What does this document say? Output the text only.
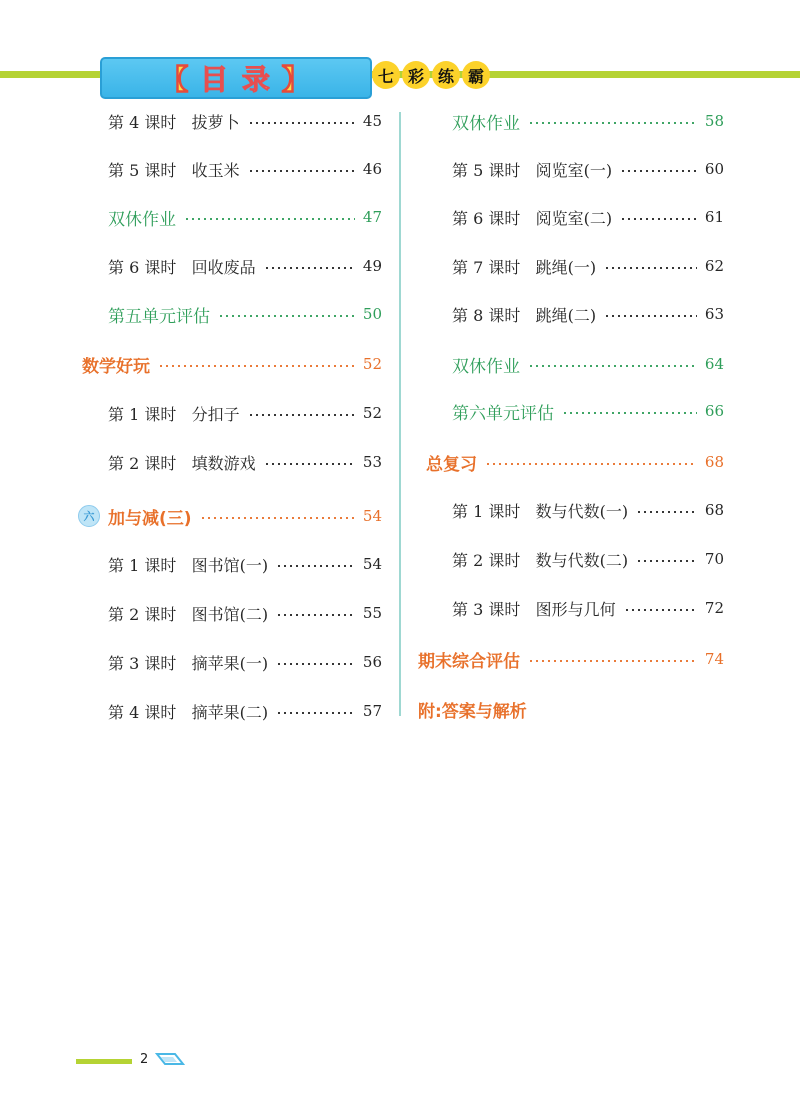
【 目 录 】	七 彩 练 霸
第 4 课时   拔萝卜	45
第 5 课时   收玉米	46
双休作业	47
第 6 课时   回收废品	49
第五单元评估	50
数学好玩	52
第 1 课时   分扣子	52
第 2 课时   填数游戏	53
六 加与减(三)	54
第 1 课时   图书馆(一)	54
第 2 课时   图书馆(二)	55
第 3 课时   摘苹果(一)	56
第 4 课时   摘苹果(二)	57
双休作业	58
第 5 课时   阅览室(一)	60
第 6 课时   阅览室(二)	61
第 7 课时   跳绳(一)	62
第 8 课时   跳绳(二)	63
双休作业	64
第六单元评估	66
总复习	68
第 1 课时   数与代数(一)	68
第 2 课时   数与代数(二)	70
第 3 课时   图形与几何	72
期末综合评估	74
附:答案与解析
2
